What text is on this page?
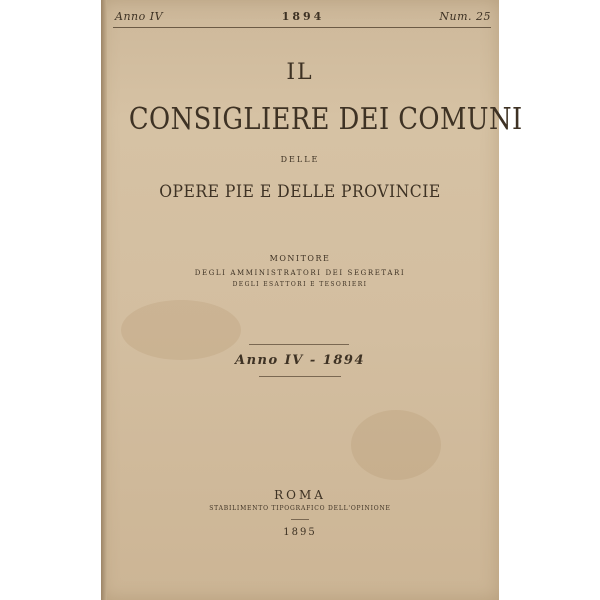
Anno IV	1894	Num. 25
IL
CONSIGLIERE DEI COMUNI
DELLE
OPERE PIE E DELLE PROVINCIE
MONITORE
DEGLI AMMINISTRATORI DEI SEGRETARI
DEGLI ESATTORI E TESORIERI
Anno IV - 1894
ROMA
STABILIMENTO TIPOGRAFICO DELL'OPINIONE
1895
